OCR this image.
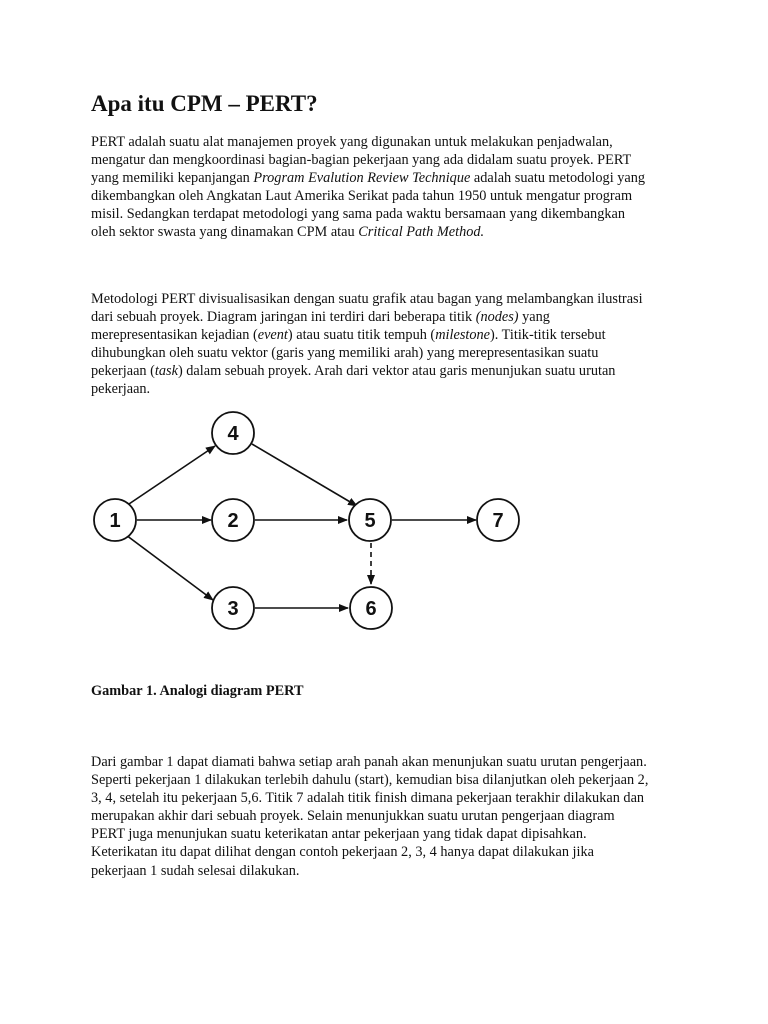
Apa itu CPM – PERT?

PERT adalah suatu alat manajemen proyek yang digunakan untuk melakukan penjadwalan,
mengatur dan mengkoordinasi bagian-bagian pekerjaan yang ada didalam suatu proyek. PERT
yang memiliki kepanjangan Program Evalution Review Technique adalah suatu metodologi yang
dikembangkan oleh Angkatan Laut Amerika Serikat pada tahun 1950 untuk mengatur program
misil. Sedangkan terdapat metodologi yang sama pada waktu bersamaan yang dikembangkan
oleh sektor swasta yang dinamakan CPM atau Critical Path Method.

Metodologi PERT divisualisasikan dengan suatu grafik atau bagan yang melambangkan ilustrasi
dari sebuah proyek. Diagram jaringan ini terdiri dari beberapa titik (nodes) yang
merepresentasikan kejadian (event) atau suatu titik tempuh (milestone). Titik-titik tersebut
dihubungkan oleh suatu vektor (garis yang memiliki arah) yang merepresentasikan suatu
pekerjaan (task) dalam sebuah proyek. Arah dari vektor atau garis menunjukan suatu urutan
pekerjaan.

1	2
3
4
5
6
7

Gambar 1. Analogi diagram PERT

Dari gambar 1 dapat diamati bahwa setiap arah panah akan menunjukan suatu urutan pengerjaan.
Seperti pekerjaan 1 dilakukan terlebih dahulu (start), kemudian bisa dilanjutkan oleh pekerjaan 2,
3, 4, setelah itu pekerjaan 5,6. Titik 7 adalah titik finish dimana pekerjaan terakhir dilakukan dan
merupakan akhir dari sebuah proyek. Selain menunjukkan suatu urutan pengerjaan diagram
PERT juga menunjukan suatu keterikatan antar pekerjaan yang tidak dapat dipisahkan.
Keterikatan itu dapat dilihat dengan contoh pekerjaan 2, 3, 4 hanya dapat dilakukan jika
pekerjaan 1 sudah selesai dilakukan.
